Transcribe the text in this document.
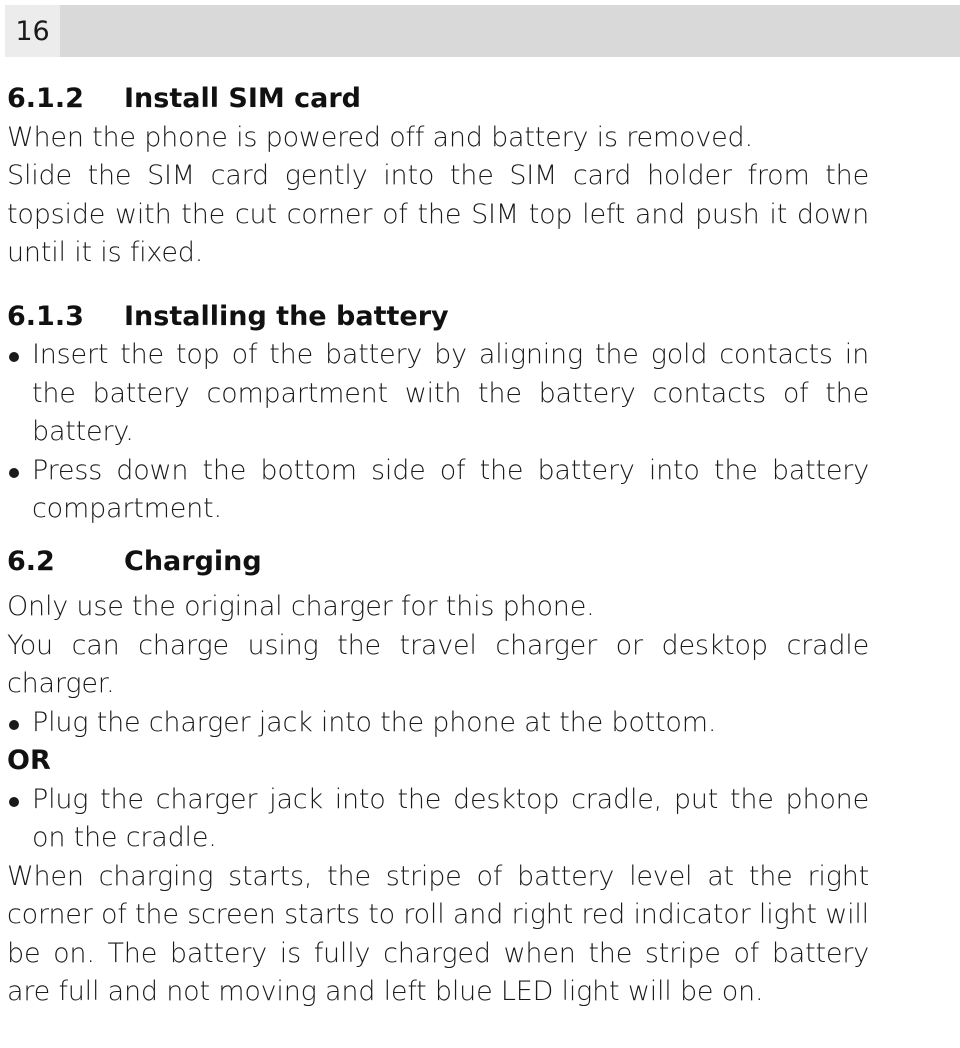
16
6.1.2	Install SIM card

When the phone is powered off and battery is removed.

Slide the SIM card gently into the SIM card holder from the topside with the cut corner of the SIM top left and push it down until it is fixed.

6.1.3	Installing the battery

Insert the top of the battery by aligning the gold contacts in the battery compartment with the battery contacts of the battery.

Press down the bottom side of the battery into the battery compartment.

6.2	Charging

Only use the original charger for this phone.

You can charge using the travel charger or desktop cradle charger.

Plug the charger jack into the phone at the bottom.

OR

Plug the charger jack into the desktop cradle, put the phone on the cradle.

When charging starts, the stripe of battery level at the right corner of the screen starts to roll and right red indicator light will be on. The battery is fully charged when the stripe of battery are full and not moving and left blue LED light will be on.
